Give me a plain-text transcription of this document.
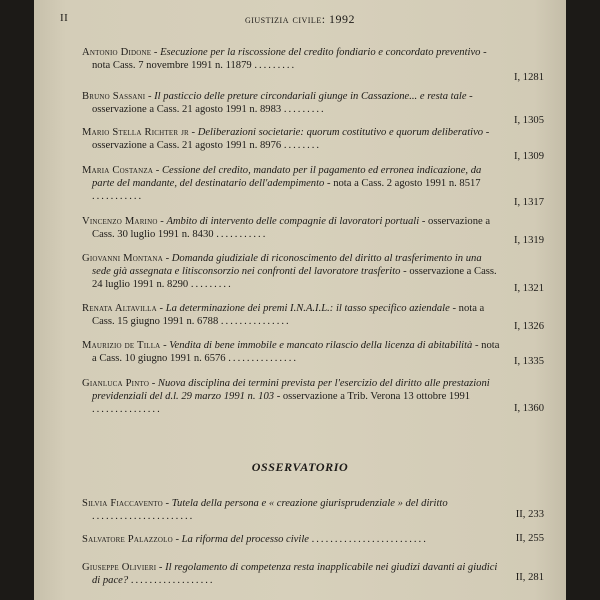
II	giustizia civile: 1992
Antonio Didone - Esecuzione per la riscossione del credito fondiario e concordato preventivo - nota Cass. 7 novembre 1991 n. 11879 .........
I, 1281
Bruno Sassani - Il pasticcio delle preture circondariali giunge in Cassazione... e resta tale - osservazione a Cass. 21 agosto 1991 n. 8983 .........
I, 1305
Mario Stella Richter jr - Deliberazioni societarie: quorum costitutivo e quorum deliberativo - osservazione a Cass. 21 agosto 1991 n. 8976 ........
I, 1309
Maria Costanza - Cessione del credito, mandato per il pagamento ed erronea indicazione, da parte del mandante, del destinatario dell'adempimento - nota a Cass. 2 agosto 1991 n. 8517 ...........
I, 1317
Vincenzo Marino - Ambito di intervento delle compagnie di lavoratori portuali - osservazione a Cass. 30 luglio 1991 n. 8430 ...........
I, 1319
Giovanni Montana - Domanda giudiziale di riconoscimento del diritto al trasferimento in una sede già assegnata e litisconsorzio nei confronti del lavoratore trasferito - osservazione a Cass. 24 luglio 1991 n. 8290 .........	I, 1321
Renata Altavilla - La determinazione dei premi I.N.A.I.L.: il tasso specifico aziendale - nota a Cass. 15 giugno 1991 n. 6788 ...............	I, 1326
Maurizio de Tilla - Vendita di bene immobile e mancato rilascio della licenza di abitabilità - nota a Cass. 10 giugno 1991 n. 6576 ...............	I, 1335
Gianluca Pinto - Nuova disciplina dei termini prevista per l'esercizio del diritto alle prestazioni previdenziali del d.l. 29 marzo 1991 n. 103 - osservazione a Trib. Verona 13 ottobre 1991 ...............	I, 1360
OSSERVATORIO
Silvia Fiaccavento - Tutela della persona e « creazione giurisprudenziale » del diritto ......................	II, 233
Salvatore Palazzolo - La riforma del processo civile .........................	II, 255
Giuseppe Olivieri - Il regolamento di competenza resta inapplicabile nei giudizi davanti ai giudici di pace? ..................	II, 281
